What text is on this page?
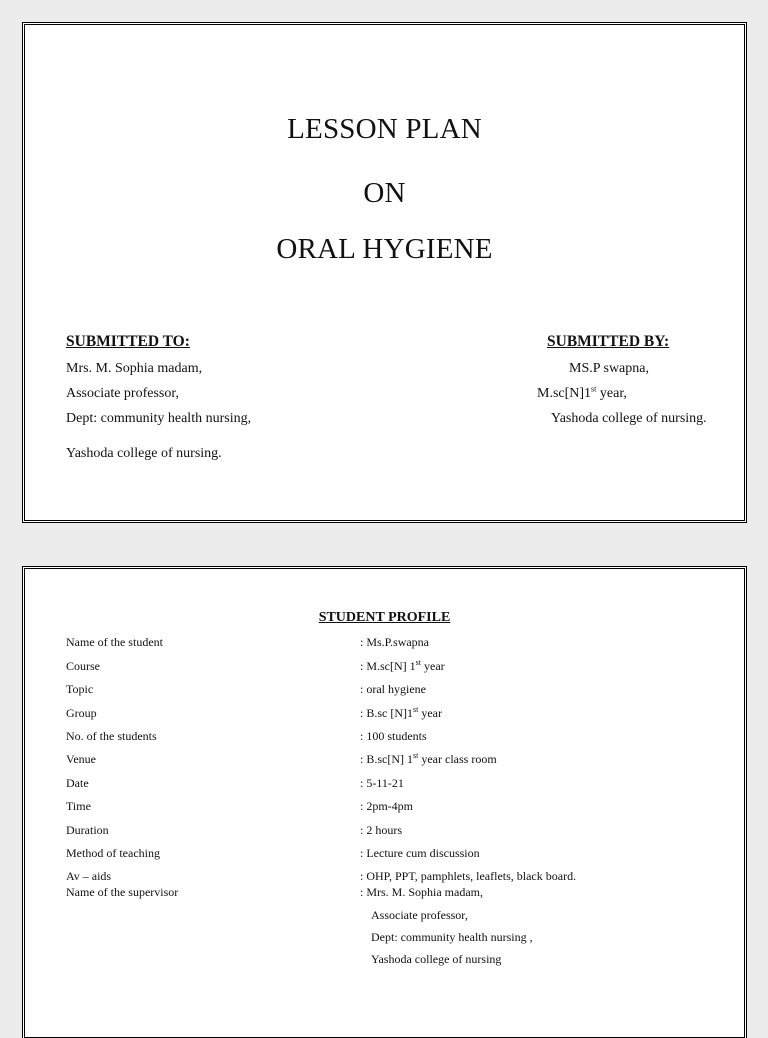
LESSON PLAN
ON
ORAL HYGIENE
SUBMITTED TO:
Mrs. M. Sophia madam,
Associate professor,
Dept: community health nursing,
Yashoda college of nursing.
SUBMITTED BY:
MS.P swapna,
M.sc[N]1st year,
Yashoda college of nursing.
STUDENT PROFILE
Name of the student	: Ms.P.swapna
Course	: M.sc[N] 1st year
Topic	: oral hygiene
Group	: B.sc [N]1st year
No. of the students	: 100 students
Venue	: B.sc[N] 1st year class room
Date	: 5-11-21
Time	: 2pm-4pm
Duration	: 2 hours
Method of teaching	: Lecture cum discussion
Av – aids	: OHP, PPT, pamphlets, leaflets, black board.
Name of the supervisor	: Mrs. M. Sophia madam,
Associate professor,
Dept: community health nursing ,
Yashoda college of nursing
